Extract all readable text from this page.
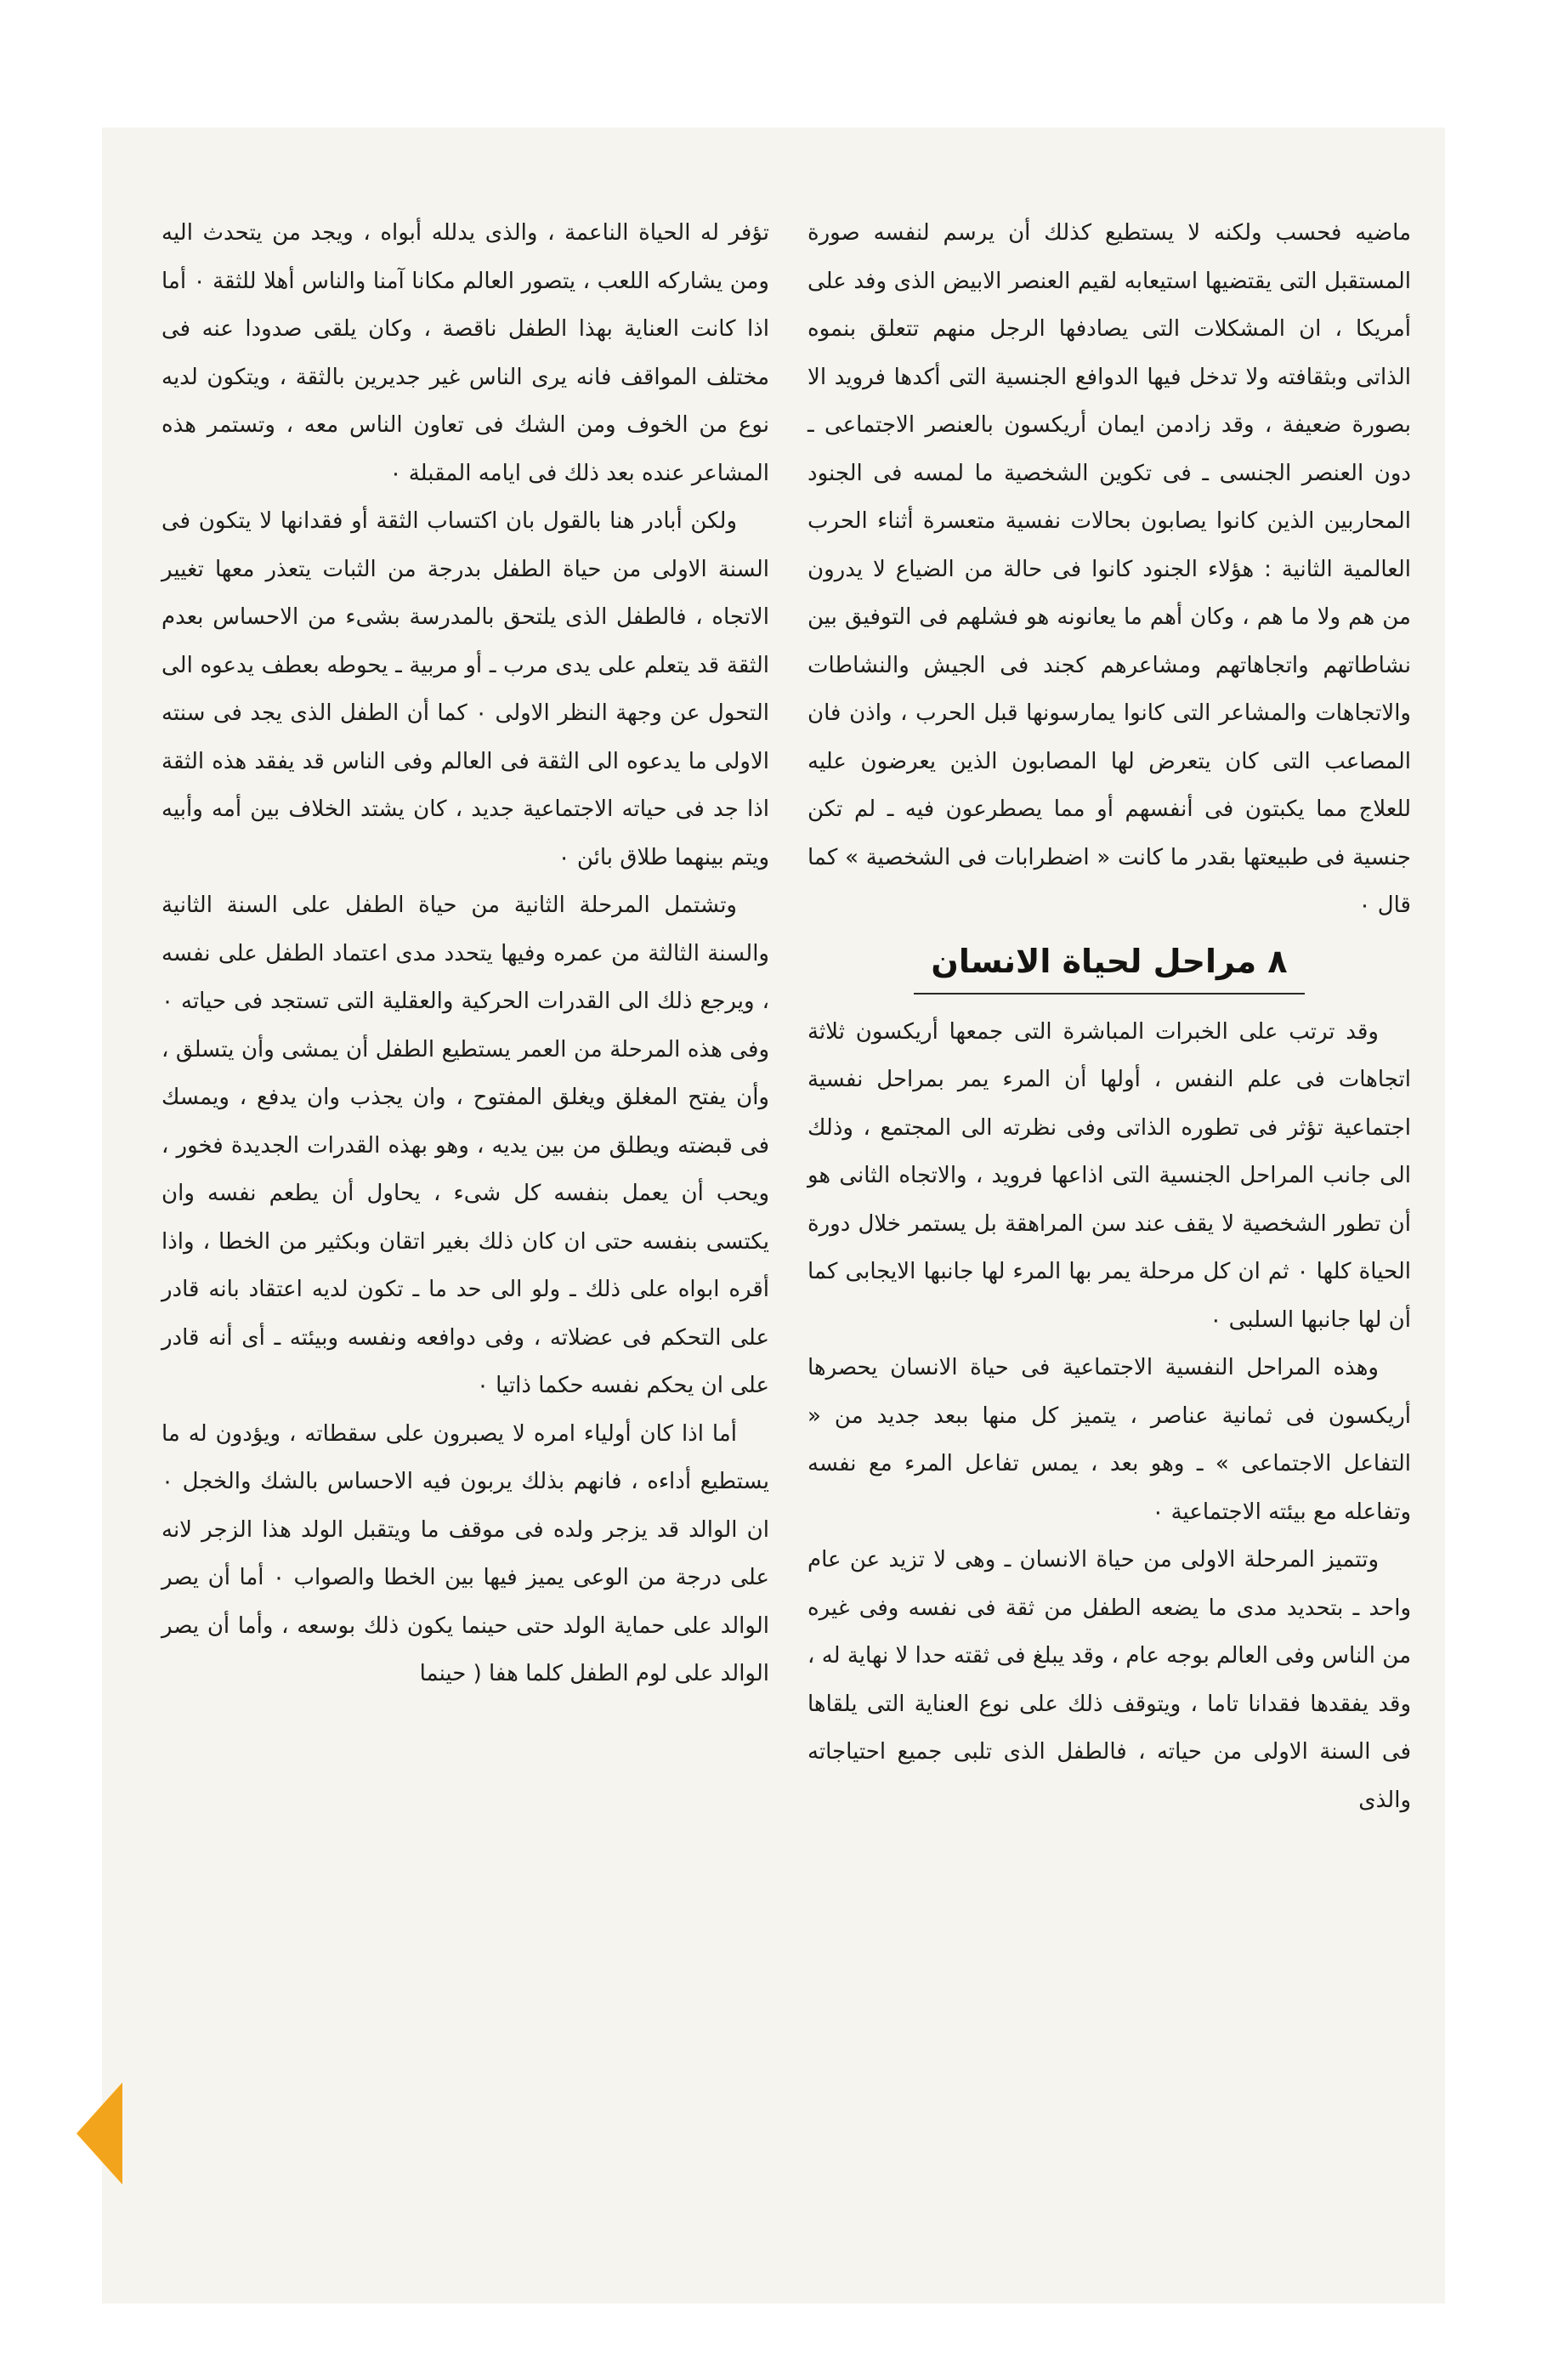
ماضيه فحسب ولكنه لا يستطيع كذلك أن يرسم لنفسه صورة المستقبل التى يقتضيها استيعابه لقيم العنصر الابيض الذى وفد على أمريكا ، ان المشكلات التى يصادفها الرجل منهم تتعلق بنموه الذاتى وبثقافته ولا تدخل فيها الدوافع الجنسية التى أكدها فرويد الا بصورة ضعيفة ، وقد زادمن ايمان أريكسون بالعنصر الاجتماعى ـ دون العنصر الجنسى ـ فى تكوين الشخصية ما لمسه فى الجنود المحاربين الذين كانوا يصابون بحالات نفسية متعسرة أثناء الحرب العالمية الثانية : هؤلاء الجنود كانوا فى حالة من الضياع لا يدرون من هم ولا ما هم ، وكان أهم ما يعانونه هو فشلهم فى التوفيق بين نشاطاتهم واتجاهاتهم ومشاعرهم كجند فى الجيش والنشاطات والاتجاهات والمشاعر التى كانوا يمارسونها قبل الحرب ، واذن فان المصاعب التى كان يتعرض لها المصابون الذين يعرضون عليه للعلاج مما يكبتون فى أنفسهم أو مما يصطرعون فيه ـ لم تكن جنسية فى طبيعتها بقدر ما كانت « اضطرابات فى الشخصية » كما قال ٠

٨ مراحل لحياة الانسان

وقد ترتب على الخبرات المباشرة التى جمعها أريكسون ثلاثة اتجاهات فى علم النفس ، أولها أن المرء يمر بمراحل نفسية اجتماعية تؤثر فى تطوره الذاتى وفى نظرته الى المجتمع ، وذلك الى جانب المراحل الجنسية التى اذاعها فرويد ، والاتجاه الثانى هو أن تطور الشخصية لا يقف عند سن المراهقة بل يستمر خلال دورة الحياة كلها ٠ ثم ان كل مرحلة يمر بها المرء لها جانبها الايجابى كما أن لها جانبها السلبى ٠

وهذه المراحل النفسية الاجتماعية فى حياة الانسان يحصرها أريكسون فى ثمانية عناصر ، يتميز كل منها ببعد جديد من « التفاعل الاجتماعى » ـ وهو بعد ، يمس تفاعل المرء مع نفسه وتفاعله مع بيئته الاجتماعية ٠

وتتميز المرحلة الاولى من حياة الانسان ـ وهى لا تزيد عن عام واحد ـ بتحديد مدى ما يضعه الطفل من ثقة فى نفسه وفى غيره من الناس وفى العالم بوجه عام ، وقد يبلغ فى ثقته حدا لا نهاية له ، وقد يفقدها فقدانا تاما ، ويتوقف ذلك على نوع العناية التى يلقاها فى السنة الاولى من حياته ، فالطفل الذى تلبى جميع احتياجاته والذى

تؤفر له الحياة الناعمة ، والذى يدلله أبواه ، ويجد من يتحدث اليه ومن يشاركه اللعب ، يتصور العالم مكانا آمنا والناس أهلا للثقة ٠ أما اذا كانت العناية بهذا الطفل ناقصة ، وكان يلقى صدودا عنه فى مختلف المواقف فانه يرى الناس غير جديرين بالثقة ، ويتكون لديه نوع من الخوف ومن الشك فى تعاون الناس معه ، وتستمر هذه المشاعر عنده بعد ذلك فى ايامه المقبلة ٠

ولكن أبادر هنا بالقول بان اكتساب الثقة أو فقدانها لا يتكون فى السنة الاولى من حياة الطفل بدرجة من الثبات يتعذر معها تغيير الاتجاه ، فالطفل الذى يلتحق بالمدرسة بشىء من الاحساس بعدم الثقة قد يتعلم على يدى مرب ـ أو مربية ـ يحوطه بعطف يدعوه الى التحول عن وجهة النظر الاولى ٠ كما أن الطفل الذى يجد فى سنته الاولى ما يدعوه الى الثقة فى العالم وفى الناس قد يفقد هذه الثقة اذا جد فى حياته الاجتماعية جديد ، كان يشتد الخلاف بين أمه وأبيه ويتم بينهما طلاق بائن ٠

وتشتمل المرحلة الثانية من حياة الطفل على السنة الثانية والسنة الثالثة من عمره وفيها يتحدد مدى اعتماد الطفل على نفسه ، ويرجع ذلك الى القدرات الحركية والعقلية التى تستجد فى حياته ٠ وفى هذه المرحلة من العمر يستطيع الطفل أن يمشى وأن يتسلق ، وأن يفتح المغلق ويغلق المفتوح ، وان يجذب وان يدفع ، ويمسك فى قبضته ويطلق من بين يديه ، وهو بهذه القدرات الجديدة فخور ، ويحب أن يعمل بنفسه كل شىء ، يحاول أن يطعم نفسه وان يكتسى بنفسه حتى ان كان ذلك بغير اتقان وبكثير من الخطا ، واذا أقره ابواه على ذلك ـ ولو الى حد ما ـ تكون لديه اعتقاد بانه قادر على التحكم فى عضلاته ، وفى دوافعه ونفسه وبيئته ـ أى أنه قادر على ان يحكم نفسه حكما ذاتيا ٠

أما اذا كان أولياء امره لا يصبرون على سقطاته ، ويؤدون له ما يستطيع أداءه ، فانهم بذلك يربون فيه الاحساس بالشك والخجل ٠ ان الوالد قد يزجر ولده فى موقف ما ويتقبل الولد هذا الزجر لانه على درجة من الوعى يميز فيها بين الخطا والصواب ٠ أما أن يصر الوالد على حماية الولد حتى حينما يكون ذلك بوسعه ، وأما أن يصر الوالد على لوم الطفل كلما هفا ( حينما
